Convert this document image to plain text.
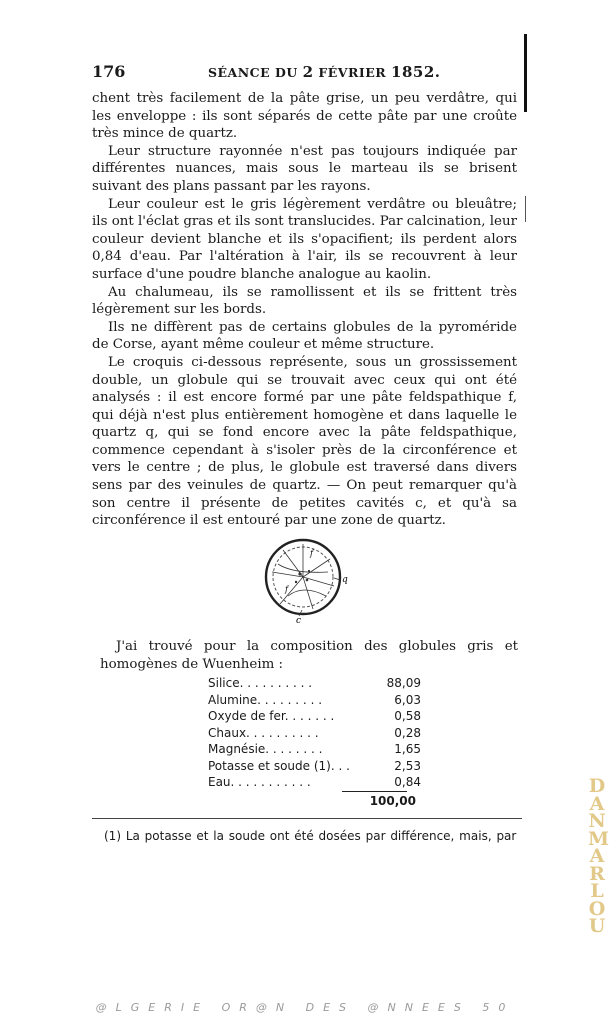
176	SÉANCE DU 2 FÉVRIER 1852.

chent très facilement de la pâte grise, un peu verdâtre, qui les enveloppe : ils sont séparés de cette pâte par une croûte très mince de quartz.

Leur structure rayonnée n'est pas toujours indiquée par différentes nuances, mais sous le marteau ils se brisent suivant des plans passant par les rayons.

Leur couleur est le gris légèrement verdâtre ou bleuâtre; ils ont l'éclat gras et ils sont translucides. Par calcination, leur couleur devient blanche et ils s'opacifient; ils perdent alors 0,84 d'eau. Par l'altération à l'air, ils se recouvrent à leur surface d'une poudre blanche analogue au kaolin.

Au chalumeau, ils se ramollissent et ils se frittent très légèrement sur les bords.

Ils ne diffèrent pas de certains globules de la pyroméride de Corse, ayant même couleur et même structure.

Le croquis ci-dessous représente, sous un grossissement double, un globule qui se trouvait avec ceux qui ont été analysés : il est encore formé par une pâte feldspathique f, qui déjà n'est plus entièrement homogène et dans laquelle le quartz q, qui se fond encore avec la pâte feldspathique, commence cependant à s'isoler près de la circonférence et vers le centre ; de plus, le globule est traversé dans divers sens par des veinules de quartz. — On peut remarquer qu'à son centre il présente de petites cavités c, et qu'à sa circonférence il est entouré par une zone de quartz.

f
f
q
c

J'ai trouvé pour la composition des globules gris et homogènes de Wuenheim :

Silice. . . . . . . . . .	88,09
Alumine. . . . . . . . .	6,03
Oxyde de fer. . . . . . .	0,58
Chaux. . . . . . . . . .	0,28
Magnésie. . . . . . . .	1,65
Potasse et soude (1). . .	2,53
Eau. . . . . . . . . . .	0,84
100,00
(1) La potasse et la soude ont été dosées par différence, mais, par
DANMARLOU
@LGERIE OR@N DES @NNEES 50
